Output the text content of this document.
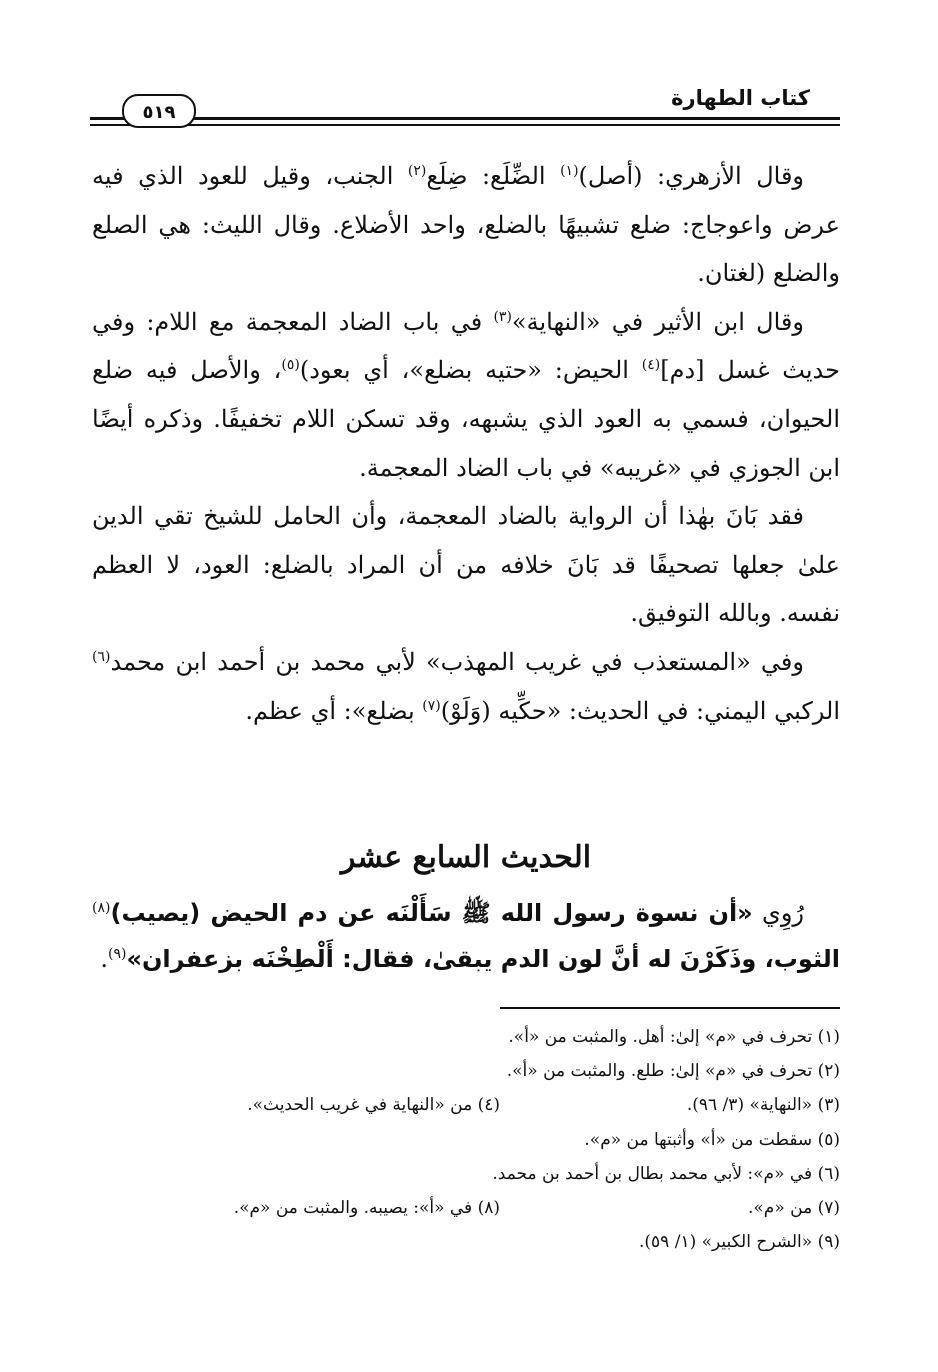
كتاب الطهارة
٥١٩

وقال الأزهري: (أصل)$^{(١)}$ الضِّلَع: ضِلَع$^{(٢)}$ الجنب، وقيل للعود الذي فيه عرض واعوجاج: ضلع تشبيهًا بالضلع، واحد الأضلاع. وقال الليث: هي الصلع والضلع (لغتان.

وقال ابن الأثير في «النهاية»$^{(٣)}$ في باب الضاد المعجمة مع اللام: وفي حديث غسل [دم]$^{(٤)}$ الحيض: «حتيه بضلع»، أي بعود)$^{(٥)}$، والأصل فيه ضلع الحيوان، فسمي به العود الذي يشبهه، وقد تسكن اللام تخفيفًا. وذكره أيضًا ابن الجوزي في «غريبه» في باب الضاد المعجمة.

فقد بَانَ بهٰذا أن الرواية بالضاد المعجمة، وأن الحامل للشيخ تقي الدين علىٰ جعلها تصحيفًا قد بَانَ خلافه من أن المراد بالضلع: العود، لا العظم نفسه. وبالله التوفيق.

وفي «المستعذب في غريب المهذب» لأبي محمد بن أحمد ابن محمد$^{(٦)}$ الركبي اليمني: في الحديث: «حكِّيه (وَلَوْ)$^{(٧)}$ بضلع»: أي عظم.

الحديث السابع عشر

رُوِي «أن نسوة رسول الله ﷺ سَأَلْنَه عن دم الحيض (يصيب)$^{(٨)}$ الثوب، وذَكَرْنَ له أنَّ لون الدم يبقىٰ، فقال: أَلْطِخْنَه بزعفران»$^{(٩)}$.

(١) تحرف في «م» إلىٰ: أهل. والمثبت من «أ».
(٢) تحرف في «م» إلىٰ: طلع. والمثبت من «أ».
(٣) «النهاية» (٣/ ٩٦).
(٤) من «النهاية في غريب الحديث».
(٥) سقطت من «أ» وأثبتها من «م».
(٦) في «م»: لأبي محمد بطال بن أحمد بن محمد.
(٧) من «م».
(٨) في «أ»: يصيبه. والمثبت من «م».
(٩) «الشرح الكبير» (١/ ٥٩).
